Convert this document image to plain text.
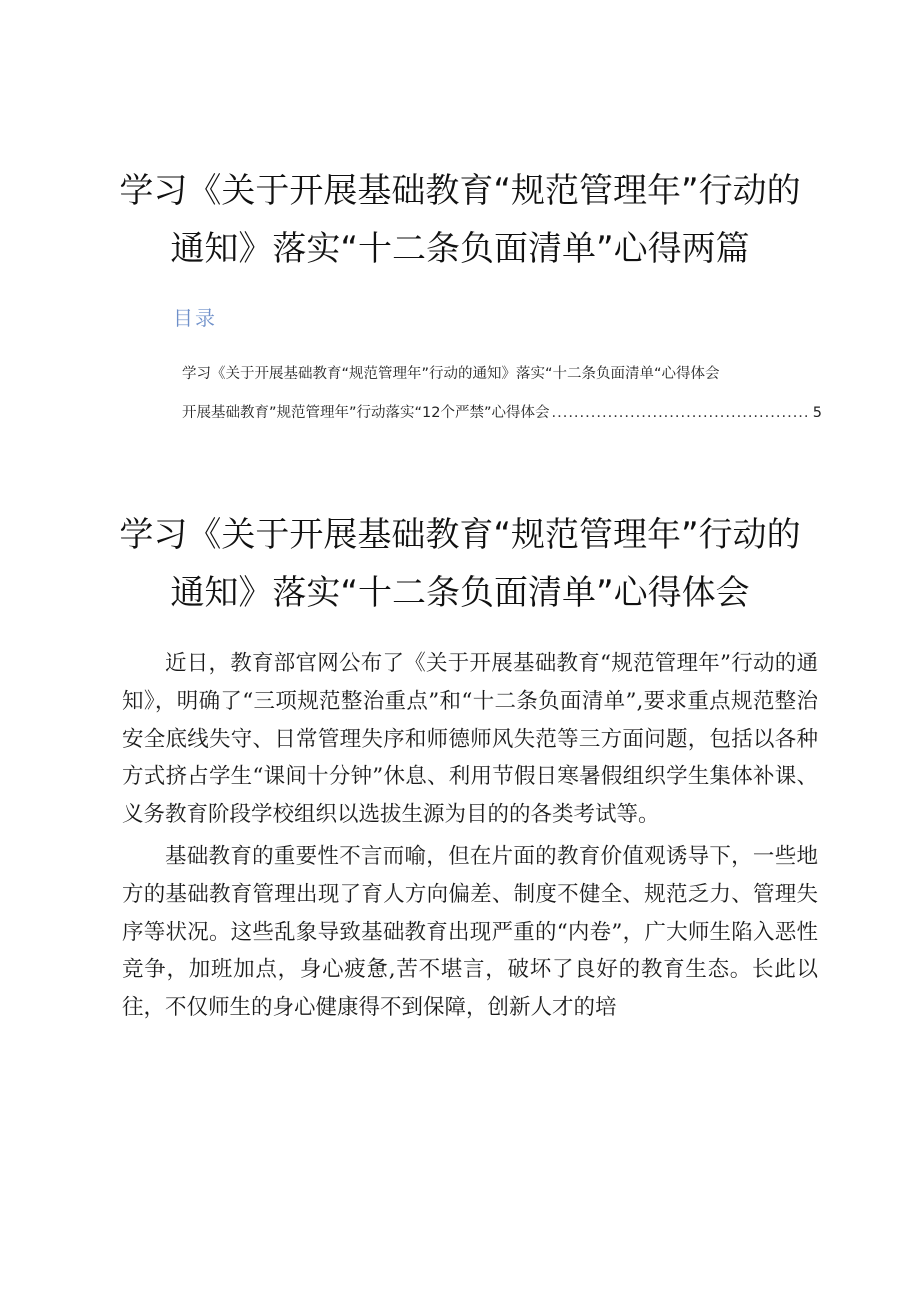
学习《关于开展基础教育“规范管理年”行动的
通知》落实“十二条负面清单”心得两篇
目录
学习《关于开展基础教育“规范管理年”行动的通知》落实“十二条负面清单“心得体会
开展基础教育”规范管理年”行动落实“12个严禁”心得体会
.....	5
学习《关于开展基础教育“规范管理年”行动的
通知》落实“十二条负面清单”心得体会

近日，教育部官网公布了《关于开展基础教育“规范管理年”行动的通知》，明确了“三项规范整治重点”和“十二条负面清单”,要求重点规范整治安全底线失守、日常管理失序和师德师风失范等三方面问题，包括以各种方式挤占学生“课间十分钟”休息、利用节假日寒暑假组织学生集体补课、义务教育阶段学校组织以选拔生源为目的的各类考试等。

基础教育的重要性不言而喻，但在片面的教育价值观诱导下，一些地方的基础教育管理出现了育人方向偏差、制度不健全、规范乏力、管理失序等状况。这些乱象导致基础教育出现严重的“内卷”，广大师生陷入恶性竞争，加班加点，身心疲惫,苦不堪言，破坏了良好的教育生态。长此以往，不仅师生的身心健康得不到保障，创新人才的培
